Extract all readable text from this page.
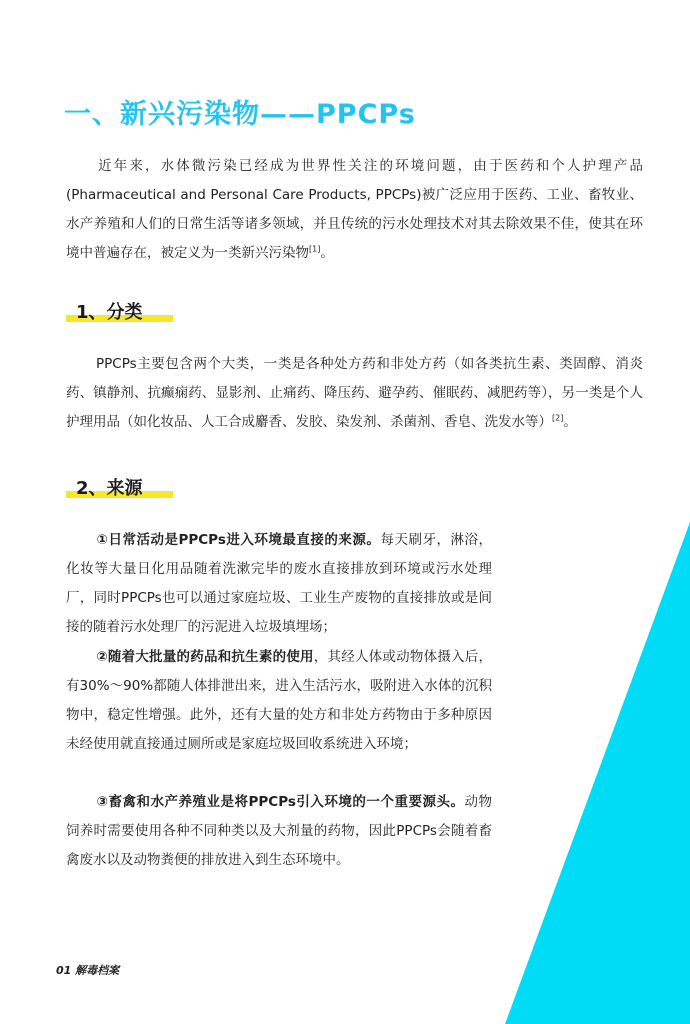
一、新兴污染物——PPCPs

近年来，水体微污染已经成为世界性关注的环境问题，由于医药和个人护理产品(Pharmaceutical and Personal Care Products, PPCPs)被广泛应用于医药、工业、畜牧业、水产养殖和人们的日常生活等诸多领域，并且传统的污水处理技术对其去除效果不佳，使其在环境中普遍存在，被定义为一类新兴污染物[1]。

1、分类

PPCPs主要包含两个大类，一类是各种处方药和非处方药（如各类抗生素、类固醇、消炎药、镇静剂、抗癫痫药、显影剂、止痛药、降压药、避孕药、催眠药、减肥药等），另一类是个人护理用品（如化妆品、人工合成麝香、发胶、染发剂、杀菌剂、香皂、洗发水等）[2]。

2、来源

①日常活动是PPCPs进入环境最直接的来源。每天刷牙，淋浴，化妆等大量日化用品随着洗漱完毕的废水直接排放到环境或污水处理厂，同时PPCPs也可以通过家庭垃圾、工业生产废物的直接排放或是间接的随着污水处理厂的污泥进入垃圾填埋场；

②随着大批量的药品和抗生素的使用，其经人体或动物体摄入后，有30%～90%都随人体排泄出来，进入生活污水，吸附进入水体的沉积物中，稳定性增强。此外，还有大量的处方和非处方药物由于多种原因未经使用就直接通过厕所或是家庭垃圾回收系统进入环境；

③畜禽和水产养殖业是将PPCPs引入环境的一个重要源头。动物饲养时需要使用各种不同种类以及大剂量的药物，因此PPCPs会随着畜禽废水以及动物粪便的排放进入到生态环境中。

01 解毒档案
